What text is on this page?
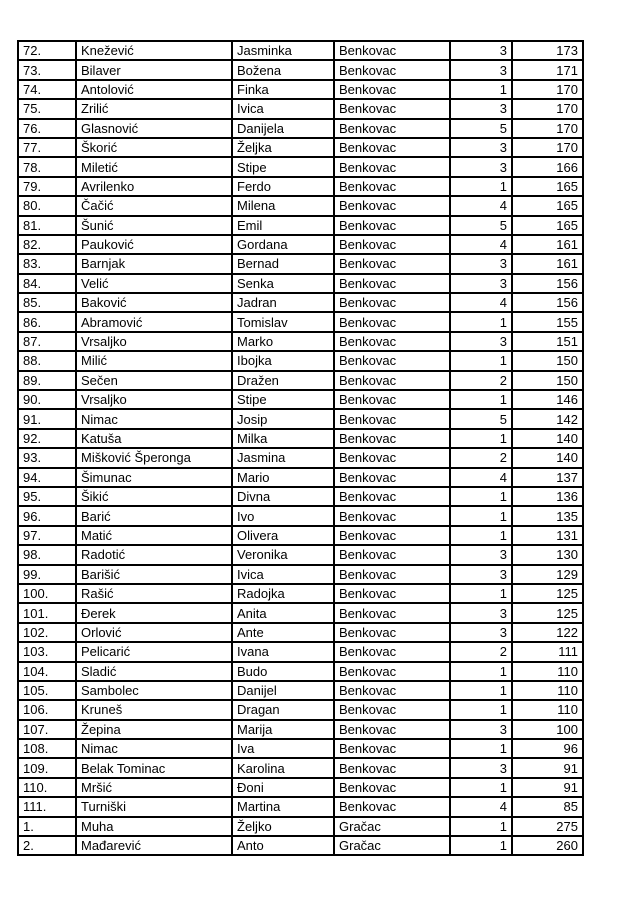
72.	Knežević	Jasminka	Benkovac	3	173
73.	Bilaver	Božena	Benkovac	3	171
74.	Antolović	Finka	Benkovac	1	170
75.	Zrilić	Ivica	Benkovac	3	170
76.	Glasnović	Danijela	Benkovac	5	170
77.	Škorić	Željka	Benkovac	3	170
78.	Miletić	Stipe	Benkovac	3	166
79.	Avrilenko	Ferdo	Benkovac	1	165
80.	Čačić	Milena	Benkovac	4	165
81.	Šunić	Emil	Benkovac	5	165
82.	Pauković	Gordana	Benkovac	4	161
83.	Barnjak	Bernad	Benkovac	3	161
84.	Velić	Senka	Benkovac	3	156
85.	Baković	Jadran	Benkovac	4	156
86.	Abramović	Tomislav	Benkovac	1	155
87.	Vrsaljko	Marko	Benkovac	3	151
88.	Milić	Ibojka	Benkovac	1	150
89.	Sečen	Dražen	Benkovac	2	150
90.	Vrsaljko	Stipe	Benkovac	1	146
91.	Nimac	Josip	Benkovac	5	142
92.	Katuša	Milka	Benkovac	1	140
93.	Mišković Šperonga	Jasmina	Benkovac	2	140
94.	Šimunac	Mario	Benkovac	4	137
95.	Šikić	Divna	Benkovac	1	136
96.	Barić	Ivo	Benkovac	1	135
97.	Matić	Olivera	Benkovac	1	131
98.	Radotić	Veronika	Benkovac	3	130
99.	Barišić	Ivica	Benkovac	3	129
100.	Rašić	Radojka	Benkovac	1	125
101.	Đerek	Anita	Benkovac	3	125
102.	Orlović	Ante	Benkovac	3	122
103.	Pelicarić	Ivana	Benkovac	2	111
104.	Sladić	Budo	Benkovac	1	110
105.	Sambolec	Danijel	Benkovac	1	110
106.	Kruneš	Dragan	Benkovac	1	110
107.	Žepina	Marija	Benkovac	3	100
108.	Nimac	Iva	Benkovac	1	96
109.	Belak Tominac	Karolina	Benkovac	3	91
110.	Mršić	Đoni	Benkovac	1	91
111.	Turniški	Martina	Benkovac	4	85
1.	Muha	Željko	Gračac	1	275
2.	Mađarević	Anto	Gračac	1	260
